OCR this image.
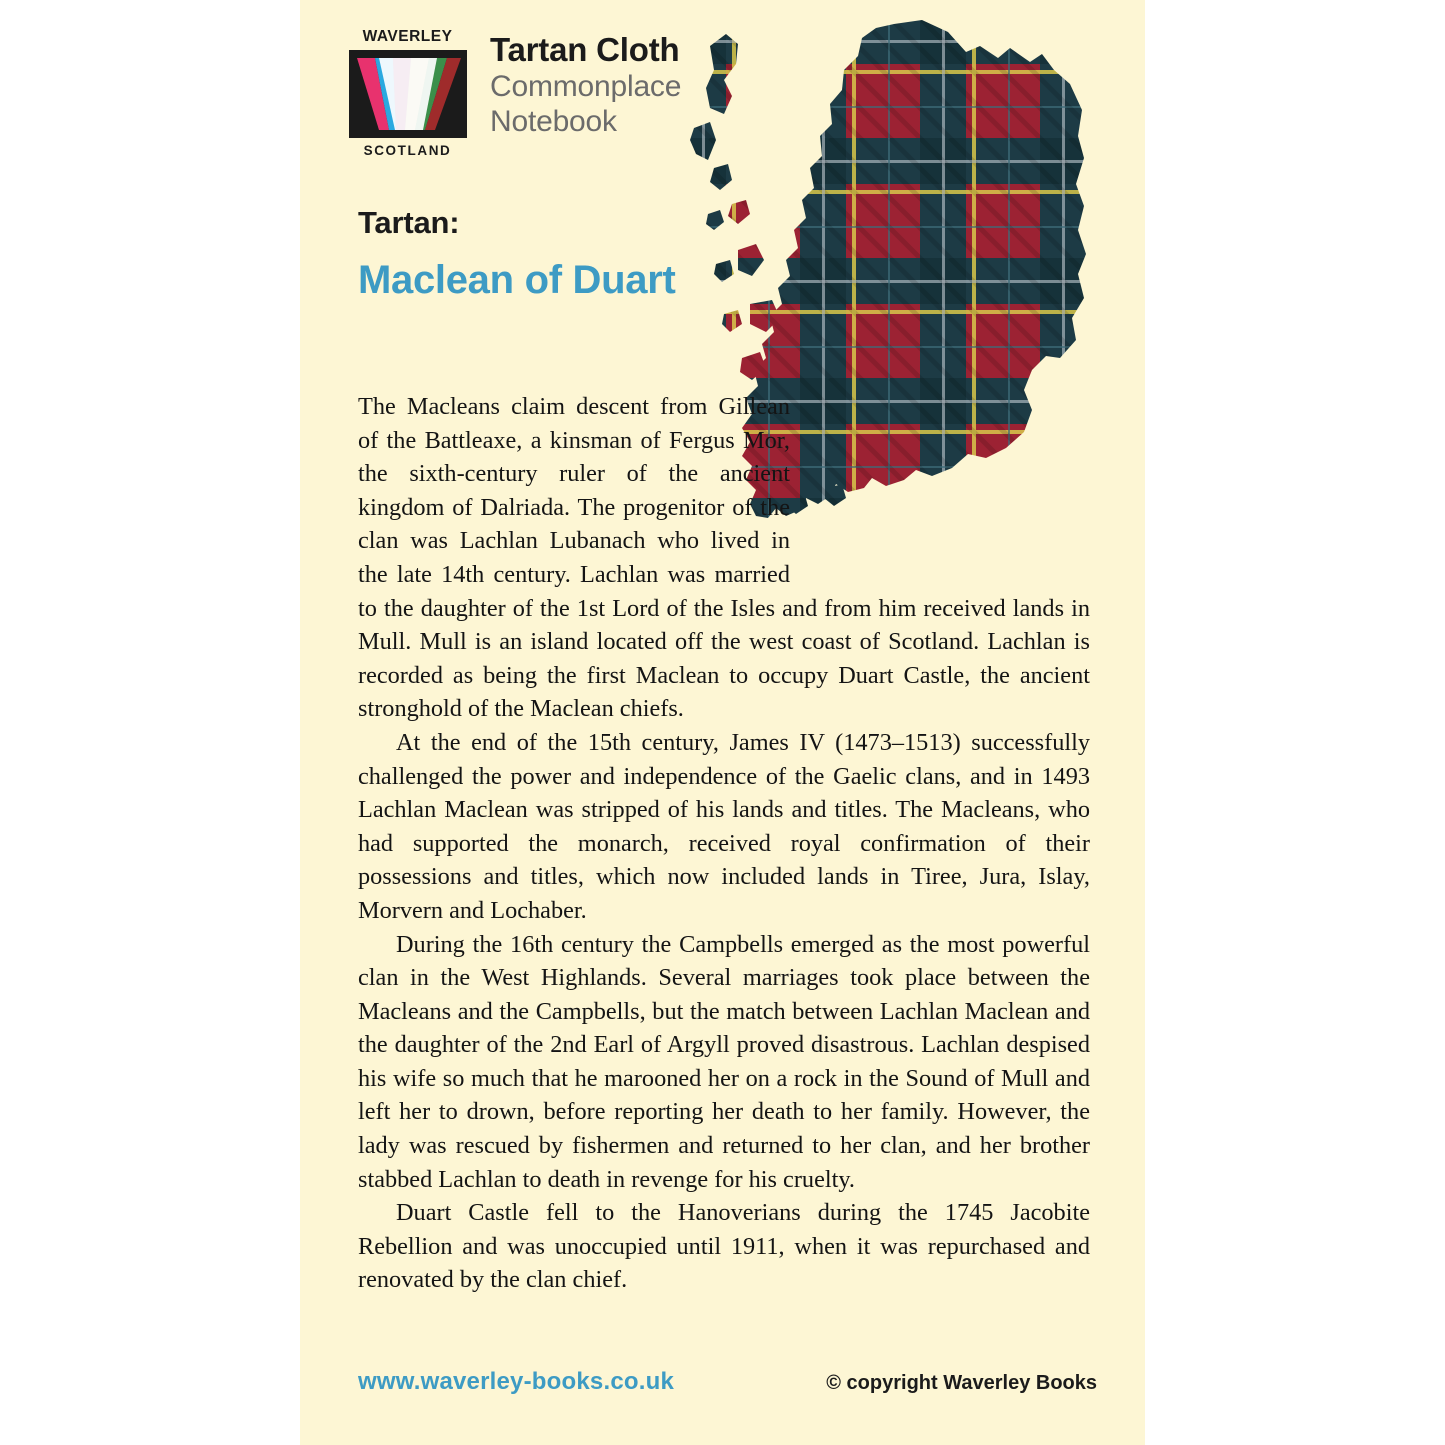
WAVERLEY
SCOTLAND
Tartan Cloth
Commonplace
Notebook
Tartan:
Maclean of Duart

The Macleans claim descent from Gillean of the Battleaxe, a kinsman of Fergus Mor, the sixth-century ruler of the ancient kingdom of Dalriada. The progenitor of the clan was Lachlan Lubanach who lived in the late 14th century. Lachlan was married to the daughter of the 1st Lord of the Isles and from him received lands in Mull. Mull is an island located off the west coast of Scotland. Lachlan is recorded as being the first Maclean to occupy Duart Castle, the ancient stronghold of the Maclean chiefs.

At the end of the 15th century, James IV (1473–1513) successfully challenged the power and independence of the Gaelic clans, and in 1493 Lachlan Maclean was stripped of his lands and titles. The Macleans, who had supported the monarch, received royal confirmation of their possessions and titles, which now included lands in Tiree, Jura, Islay, Morvern and Lochaber.

During the 16th century the Campbells emerged as the most powerful clan in the West Highlands. Several marriages took place between the Macleans and the Campbells, but the match between Lachlan Maclean and the daughter of the 2nd Earl of Argyll proved disastrous. Lachlan despised his wife so much that he marooned her on a rock in the Sound of Mull and left her to drown, before reporting her death to her family. However, the lady was rescued by fishermen and returned to her clan, and her brother stabbed Lachlan to death in revenge for his cruelty.

Duart Castle fell to the Hanoverians during the 1745 Jacobite Rebellion and was unoccupied until 1911, when it was repurchased and renovated by the clan chief.

www.waverley-books.co.uk	© copyright Waverley Books
